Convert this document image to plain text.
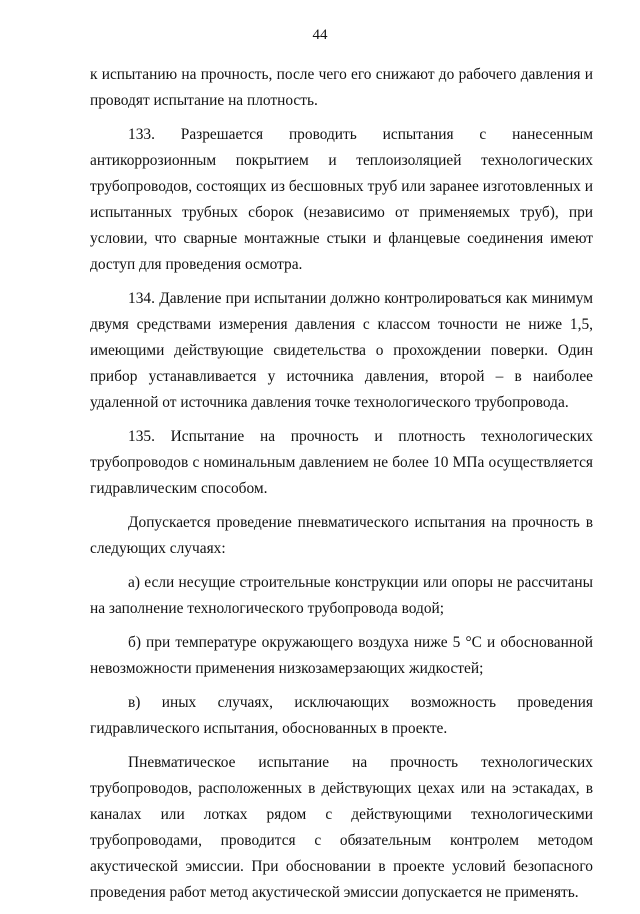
44

к испытанию на прочность, после чего его снижают до рабочего давления и проводят испытание на плотность.

133. Разрешается проводить испытания с нанесенным антикоррозионным покрытием и теплоизоляцией технологических трубопроводов, состоящих из бесшовных труб или заранее изготовленных и испытанных трубных сборок (независимо от применяемых труб), при условии, что сварные монтажные стыки и фланцевые соединения имеют доступ для проведения осмотра.

134. Давление при испытании должно контролироваться как минимум двумя средствами измерения давления с классом точности не ниже 1,5, имеющими действующие свидетельства о прохождении поверки. Один прибор устанавливается у источника давления, второй – в наиболее удаленной от источника давления точке технологического трубопровода.

135. Испытание на прочность и плотность технологических трубопроводов с номинальным давлением не более 10 МПа осуществляется гидравлическим способом.

Допускается проведение пневматического испытания на прочность в следующих случаях:

а) если несущие строительные конструкции или опоры не рассчитаны на заполнение технологического трубопровода водой;

б) при температуре окружающего воздуха ниже 5 °С и обоснованной невозможности применения низкозамерзающих жидкостей;

в) иных случаях, исключающих возможность проведения гидравлического испытания, обоснованных в проекте.

Пневматическое испытание на прочность технологических трубопроводов, расположенных в действующих цехах или на эстакадах, в каналах или лотках рядом с действующими технологическими трубопроводами, проводится с обязательным контролем методом акустической эмиссии. При обосновании в проекте условий безопасного проведения работ метод акустической эмиссии допускается не применять.
